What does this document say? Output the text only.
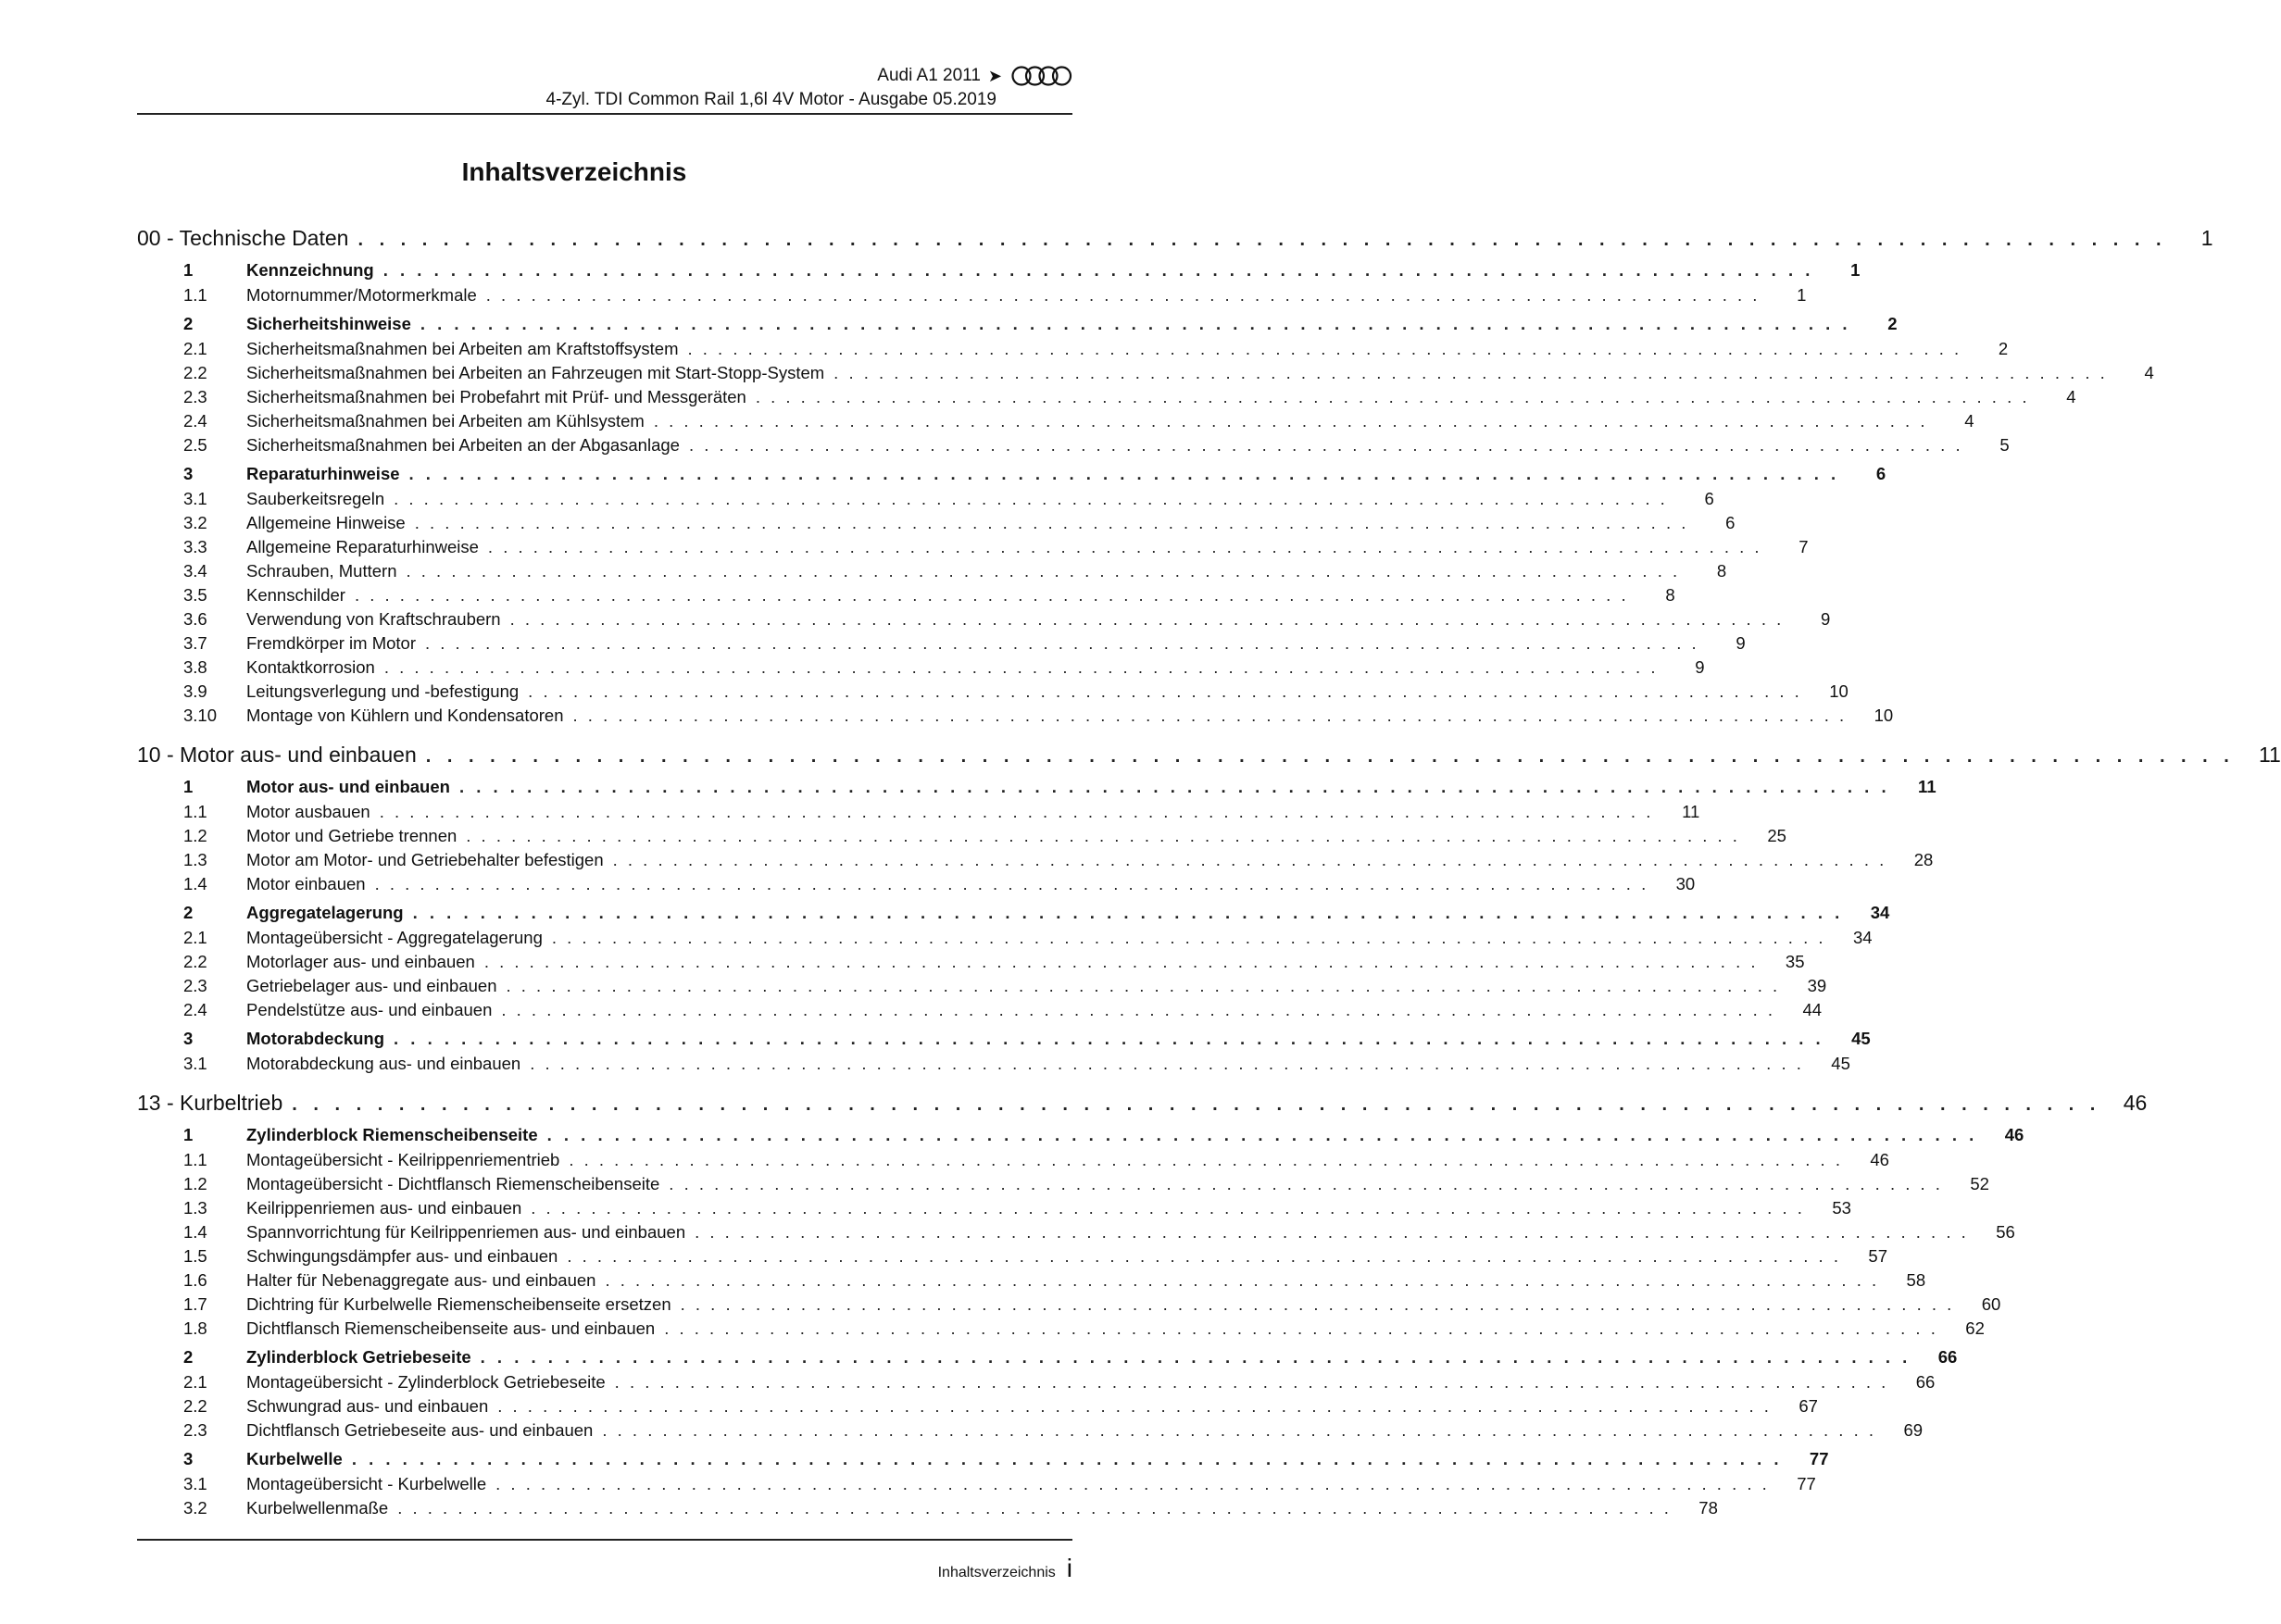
Audi A1 2011 ➤
4-Zyl. TDI Common Rail 1,6l 4V Motor - Ausgabe 05.2019
Inhaltsverzeichnis
00 - Technische Daten . . . . . . . . . . . . . . . . . . . . . . . . . . . . . . . . . . . . . . . . . . . . . . . . . . . . . . . . . . . . . . . . . . . . . . . . . . . . . . . . . . . . .	1
1	Kennzeichnung . . . . . . . . . . . . . . . . . . . . . . . . . . . . . . . . . . . . . . . . . . . . . . . . . . . . . . . . . . . . . . . . . . . . . . . . . . . . . . . . . . . . .	1
1.1	Motornummer/Motormerkmale . . . . . . . . . . . . . . . . . . . . . . . . . . . . . . . . . . . . . . . . . . . . . . . . . . . . . . . . . . . . . . . . . . . . . . . . . . . . . . . . . . . . .	1
2	Sicherheitshinweise . . . . . . . . . . . . . . . . . . . . . . . . . . . . . . . . . . . . . . . . . . . . . . . . . . . . . . . . . . . . . . . . . . . . . . . . . . . . . . . . . . . . .	2
2.1	Sicherheitsmaßnahmen bei Arbeiten am Kraftstoffsystem . . . . . . . . . . . . . . . . . . . . . . . . . . . . . . . . . . . . . . . . . . . . . . . . . . . . . . . . . . . . . . . . . . . . . . . . . . . . . . . . . . . . .	2
2.2	Sicherheitsmaßnahmen bei Arbeiten an Fahrzeugen mit Start-Stopp-System . . . . . . . . . . . . . . . . . . . . . . . . . . . . . . . . . . . . . . . . . . . . . . . . . . . . . . . . . . . . . . . . . . . . . . . . . . . . . . . . . . . . .	4
2.3	Sicherheitsmaßnahmen bei Probefahrt mit Prüf- und Messgeräten . . . . . . . . . . . . . . . . . . . . . . . . . . . . . . . . . . . . . . . . . . . . . . . . . . . . . . . . . . . . . . . . . . . . . . . . . . . . . . . . . . . . .	4
2.4	Sicherheitsmaßnahmen bei Arbeiten am Kühlsystem . . . . . . . . . . . . . . . . . . . . . . . . . . . . . . . . . . . . . . . . . . . . . . . . . . . . . . . . . . . . . . . . . . . . . . . . . . . . . . . . . . . . .	4
2.5	Sicherheitsmaßnahmen bei Arbeiten an der Abgasanlage . . . . . . . . . . . . . . . . . . . . . . . . . . . . . . . . . . . . . . . . . . . . . . . . . . . . . . . . . . . . . . . . . . . . . . . . . . . . . . . . . . . . .	5
3	Reparaturhinweise . . . . . . . . . . . . . . . . . . . . . . . . . . . . . . . . . . . . . . . . . . . . . . . . . . . . . . . . . . . . . . . . . . . . . . . . . . . . . . . . . . . . .	6
3.1	Sauberkeitsregeln . . . . . . . . . . . . . . . . . . . . . . . . . . . . . . . . . . . . . . . . . . . . . . . . . . . . . . . . . . . . . . . . . . . . . . . . . . . . . . . . . . . . .	6
3.2	Allgemeine Hinweise . . . . . . . . . . . . . . . . . . . . . . . . . . . . . . . . . . . . . . . . . . . . . . . . . . . . . . . . . . . . . . . . . . . . . . . . . . . . . . . . . . . . .	6
3.3	Allgemeine Reparaturhinweise . . . . . . . . . . . . . . . . . . . . . . . . . . . . . . . . . . . . . . . . . . . . . . . . . . . . . . . . . . . . . . . . . . . . . . . . . . . . . . . . . . . . .	7
3.4	Schrauben, Muttern . . . . . . . . . . . . . . . . . . . . . . . . . . . . . . . . . . . . . . . . . . . . . . . . . . . . . . . . . . . . . . . . . . . . . . . . . . . . . . . . . . . . .	8
3.5	Kennschilder . . . . . . . . . . . . . . . . . . . . . . . . . . . . . . . . . . . . . . . . . . . . . . . . . . . . . . . . . . . . . . . . . . . . . . . . . . . . . . . . . . . . .	8
3.6	Verwendung von Kraftschraubern . . . . . . . . . . . . . . . . . . . . . . . . . . . . . . . . . . . . . . . . . . . . . . . . . . . . . . . . . . . . . . . . . . . . . . . . . . . . . . . . . . . . .	9
3.7	Fremdkörper im Motor . . . . . . . . . . . . . . . . . . . . . . . . . . . . . . . . . . . . . . . . . . . . . . . . . . . . . . . . . . . . . . . . . . . . . . . . . . . . . . . . . . . . .	9
3.8	Kontaktkorrosion . . . . . . . . . . . . . . . . . . . . . . . . . . . . . . . . . . . . . . . . . . . . . . . . . . . . . . . . . . . . . . . . . . . . . . . . . . . . . . . . . . . . .	9
3.9	Leitungsverlegung und -befestigung . . . . . . . . . . . . . . . . . . . . . . . . . . . . . . . . . . . . . . . . . . . . . . . . . . . . . . . . . . . . . . . . . . . . . . . . . . . . . . . . . . . . .	10
3.10	Montage von Kühlern und Kondensatoren . . . . . . . . . . . . . . . . . . . . . . . . . . . . . . . . . . . . . . . . . . . . . . . . . . . . . . . . . . . . . . . . . . . . . . . . . . . . . . . . . . . . .	10
10 - Motor aus- und einbauen . . . . . . . . . . . . . . . . . . . . . . . . . . . . . . . . . . . . . . . . . . . . . . . . . . . . . . . . . . . . . . . . . . . . . . . . . . . . . . . . . . . . .	11
1	Motor aus- und einbauen . . . . . . . . . . . . . . . . . . . . . . . . . . . . . . . . . . . . . . . . . . . . . . . . . . . . . . . . . . . . . . . . . . . . . . . . . . . . . . . . . . . . .	11
1.1	Motor ausbauen . . . . . . . . . . . . . . . . . . . . . . . . . . . . . . . . . . . . . . . . . . . . . . . . . . . . . . . . . . . . . . . . . . . . . . . . . . . . . . . . . . . . .	11
1.2	Motor und Getriebe trennen . . . . . . . . . . . . . . . . . . . . . . . . . . . . . . . . . . . . . . . . . . . . . . . . . . . . . . . . . . . . . . . . . . . . . . . . . . . . . . . . . . . . .	25
1.3	Motor am Motor- und Getriebehalter befestigen . . . . . . . . . . . . . . . . . . . . . . . . . . . . . . . . . . . . . . . . . . . . . . . . . . . . . . . . . . . . . . . . . . . . . . . . . . . . . . . . . . . . .	28
1.4	Motor einbauen . . . . . . . . . . . . . . . . . . . . . . . . . . . . . . . . . . . . . . . . . . . . . . . . . . . . . . . . . . . . . . . . . . . . . . . . . . . . . . . . . . . . .	30
2	Aggregatelagerung . . . . . . . . . . . . . . . . . . . . . . . . . . . . . . . . . . . . . . . . . . . . . . . . . . . . . . . . . . . . . . . . . . . . . . . . . . . . . . . . . . . . .	34
2.1	Montageübersicht - Aggregatelagerung . . . . . . . . . . . . . . . . . . . . . . . . . . . . . . . . . . . . . . . . . . . . . . . . . . . . . . . . . . . . . . . . . . . . . . . . . . . . . . . . . . . . .	34
2.2	Motorlager aus- und einbauen . . . . . . . . . . . . . . . . . . . . . . . . . . . . . . . . . . . . . . . . . . . . . . . . . . . . . . . . . . . . . . . . . . . . . . . . . . . . . . . . . . . . .	35
2.3	Getriebelager aus- und einbauen . . . . . . . . . . . . . . . . . . . . . . . . . . . . . . . . . . . . . . . . . . . . . . . . . . . . . . . . . . . . . . . . . . . . . . . . . . . . . . . . . . . . .	39
2.4	Pendelstütze aus- und einbauen . . . . . . . . . . . . . . . . . . . . . . . . . . . . . . . . . . . . . . . . . . . . . . . . . . . . . . . . . . . . . . . . . . . . . . . . . . . . . . . . . . . . .	44
3	Motorabdeckung . . . . . . . . . . . . . . . . . . . . . . . . . . . . . . . . . . . . . . . . . . . . . . . . . . . . . . . . . . . . . . . . . . . . . . . . . . . . . . . . . . . . .	45
3.1	Motorabdeckung aus- und einbauen . . . . . . . . . . . . . . . . . . . . . . . . . . . . . . . . . . . . . . . . . . . . . . . . . . . . . . . . . . . . . . . . . . . . . . . . . . . . . . . . . . . . .	45
13 - Kurbeltrieb . . . . . . . . . . . . . . . . . . . . . . . . . . . . . . . . . . . . . . . . . . . . . . . . . . . . . . . . . . . . . . . . . . . . . . . . . . . . . . . . . . . . .	46
1	Zylinderblock Riemenscheibenseite . . . . . . . . . . . . . . . . . . . . . . . . . . . . . . . . . . . . . . . . . . . . . . . . . . . . . . . . . . . . . . . . . . . . . . . . . . . . . . . . . . . . .	46
1.1	Montageübersicht - Keilrippenriementrieb . . . . . . . . . . . . . . . . . . . . . . . . . . . . . . . . . . . . . . . . . . . . . . . . . . . . . . . . . . . . . . . . . . . . . . . . . . . . . . . . . . . . .	46
1.2	Montageübersicht - Dichtflansch Riemenscheibenseite . . . . . . . . . . . . . . . . . . . . . . . . . . . . . . . . . . . . . . . . . . . . . . . . . . . . . . . . . . . . . . . . . . . . . . . . . . . . . . . . . . . . .	52
1.3	Keilrippenriemen aus- und einbauen . . . . . . . . . . . . . . . . . . . . . . . . . . . . . . . . . . . . . . . . . . . . . . . . . . . . . . . . . . . . . . . . . . . . . . . . . . . . . . . . . . . . .	53
1.4	Spannvorrichtung für Keilrippenriemen aus- und einbauen . . . . . . . . . . . . . . . . . . . . . . . . . . . . . . . . . . . . . . . . . . . . . . . . . . . . . . . . . . . . . . . . . . . . . . . . . . . . . . . . . . . . .	56
1.5	Schwingungsdämpfer aus- und einbauen . . . . . . . . . . . . . . . . . . . . . . . . . . . . . . . . . . . . . . . . . . . . . . . . . . . . . . . . . . . . . . . . . . . . . . . . . . . . . . . . . . . . .	57
1.6	Halter für Nebenaggregate aus- und einbauen . . . . . . . . . . . . . . . . . . . . . . . . . . . . . . . . . . . . . . . . . . . . . . . . . . . . . . . . . . . . . . . . . . . . . . . . . . . . . . . . . . . . .	58
1.7	Dichtring für Kurbelwelle Riemenscheibenseite ersetzen . . . . . . . . . . . . . . . . . . . . . . . . . . . . . . . . . . . . . . . . . . . . . . . . . . . . . . . . . . . . . . . . . . . . . . . . . . . . . . . . . . . . .	60
1.8	Dichtflansch Riemenscheibenseite aus- und einbauen . . . . . . . . . . . . . . . . . . . . . . . . . . . . . . . . . . . . . . . . . . . . . . . . . . . . . . . . . . . . . . . . . . . . . . . . . . . . . . . . . . . . .	62
2	Zylinderblock Getriebeseite . . . . . . . . . . . . . . . . . . . . . . . . . . . . . . . . . . . . . . . . . . . . . . . . . . . . . . . . . . . . . . . . . . . . . . . . . . . . . . . . . . . . .	66
2.1	Montageübersicht - Zylinderblock Getriebeseite . . . . . . . . . . . . . . . . . . . . . . . . . . . . . . . . . . . . . . . . . . . . . . . . . . . . . . . . . . . . . . . . . . . . . . . . . . . . . . . . . . . . .	66
2.2	Schwungrad aus- und einbauen . . . . . . . . . . . . . . . . . . . . . . . . . . . . . . . . . . . . . . . . . . . . . . . . . . . . . . . . . . . . . . . . . . . . . . . . . . . . . . . . . . . . .	67
2.3	Dichtflansch Getriebeseite aus- und einbauen . . . . . . . . . . . . . . . . . . . . . . . . . . . . . . . . . . . . . . . . . . . . . . . . . . . . . . . . . . . . . . . . . . . . . . . . . . . . . . . . . . . . .	69
3	Kurbelwelle . . . . . . . . . . . . . . . . . . . . . . . . . . . . . . . . . . . . . . . . . . . . . . . . . . . . . . . . . . . . . . . . . . . . . . . . . . . . . . . . . . . . .	77
3.1	Montageübersicht - Kurbelwelle . . . . . . . . . . . . . . . . . . . . . . . . . . . . . . . . . . . . . . . . . . . . . . . . . . . . . . . . . . . . . . . . . . . . . . . . . . . . . . . . . . . . .	77
3.2	Kurbelwellenmaße . . . . . . . . . . . . . . . . . . . . . . . . . . . . . . . . . . . . . . . . . . . . . . . . . . . . . . . . . . . . . . . . . . . . . . . . . . . . . . . . . . . . .	78
Inhaltsverzeichnis i
